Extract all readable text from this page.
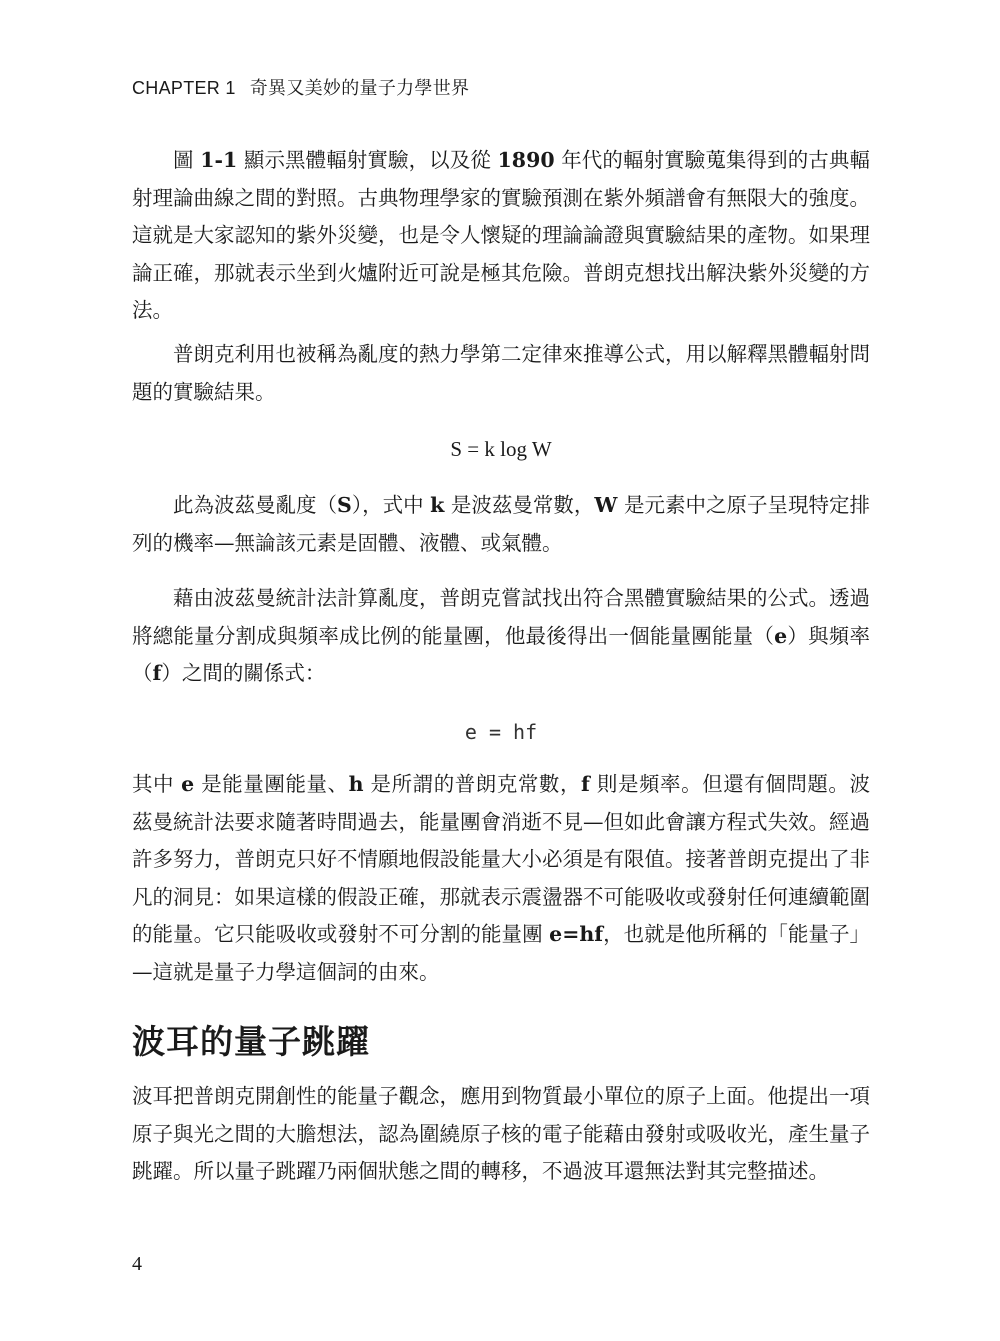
CHAPTER 1 奇異又美妙的量子力學世界

圖 1-1 顯示黑體輻射實驗，以及從 1890 年代的輻射實驗蒐集得到的古典輻射理論曲線之間的對照。古典物理學家的實驗預測在紫外頻譜會有無限大的強度。這就是大家認知的紫外災變，也是令人懷疑的理論論證與實驗結果的產物。如果理論正確，那就表示坐到火爐附近可說是極其危險。普朗克想找出解決紫外災變的方法。

普朗克利用也被稱為亂度的熱力學第二定律來推導公式，用以解釋黑體輻射問題的實驗結果。

S = k log W

此為波茲曼亂度（S），式中 k 是波茲曼常數，W 是元素中之原子呈現特定排列的機率—無論該元素是固體、液體、或氣體。

藉由波茲曼統計法計算亂度，普朗克嘗試找出符合黑體實驗結果的公式。透過將總能量分割成與頻率成比例的能量團，他最後得出一個能量團能量（e）與頻率（f）之間的關係式：

e = hf

其中 e 是能量團能量、h 是所謂的普朗克常數，f 則是頻率。但還有個問題。波茲曼統計法要求隨著時間過去，能量團會消逝不見—但如此會讓方程式失效。經過許多努力，普朗克只好不情願地假設能量大小必須是有限值。接著普朗克提出了非凡的洞見：如果這樣的假設正確，那就表示震盪器不可能吸收或發射任何連續範圍的能量。它只能吸收或發射不可分割的能量團 e=hf，也就是他所稱的「能量子」—這就是量子力學這個詞的由來。

波耳的量子跳躍

波耳把普朗克開創性的能量子觀念，應用到物質最小單位的原子上面。他提出一項原子與光之間的大膽想法，認為圍繞原子核的電子能藉由發射或吸收光，產生量子跳躍。所以量子跳躍乃兩個狀態之間的轉移，不過波耳還無法對其完整描述。

4
